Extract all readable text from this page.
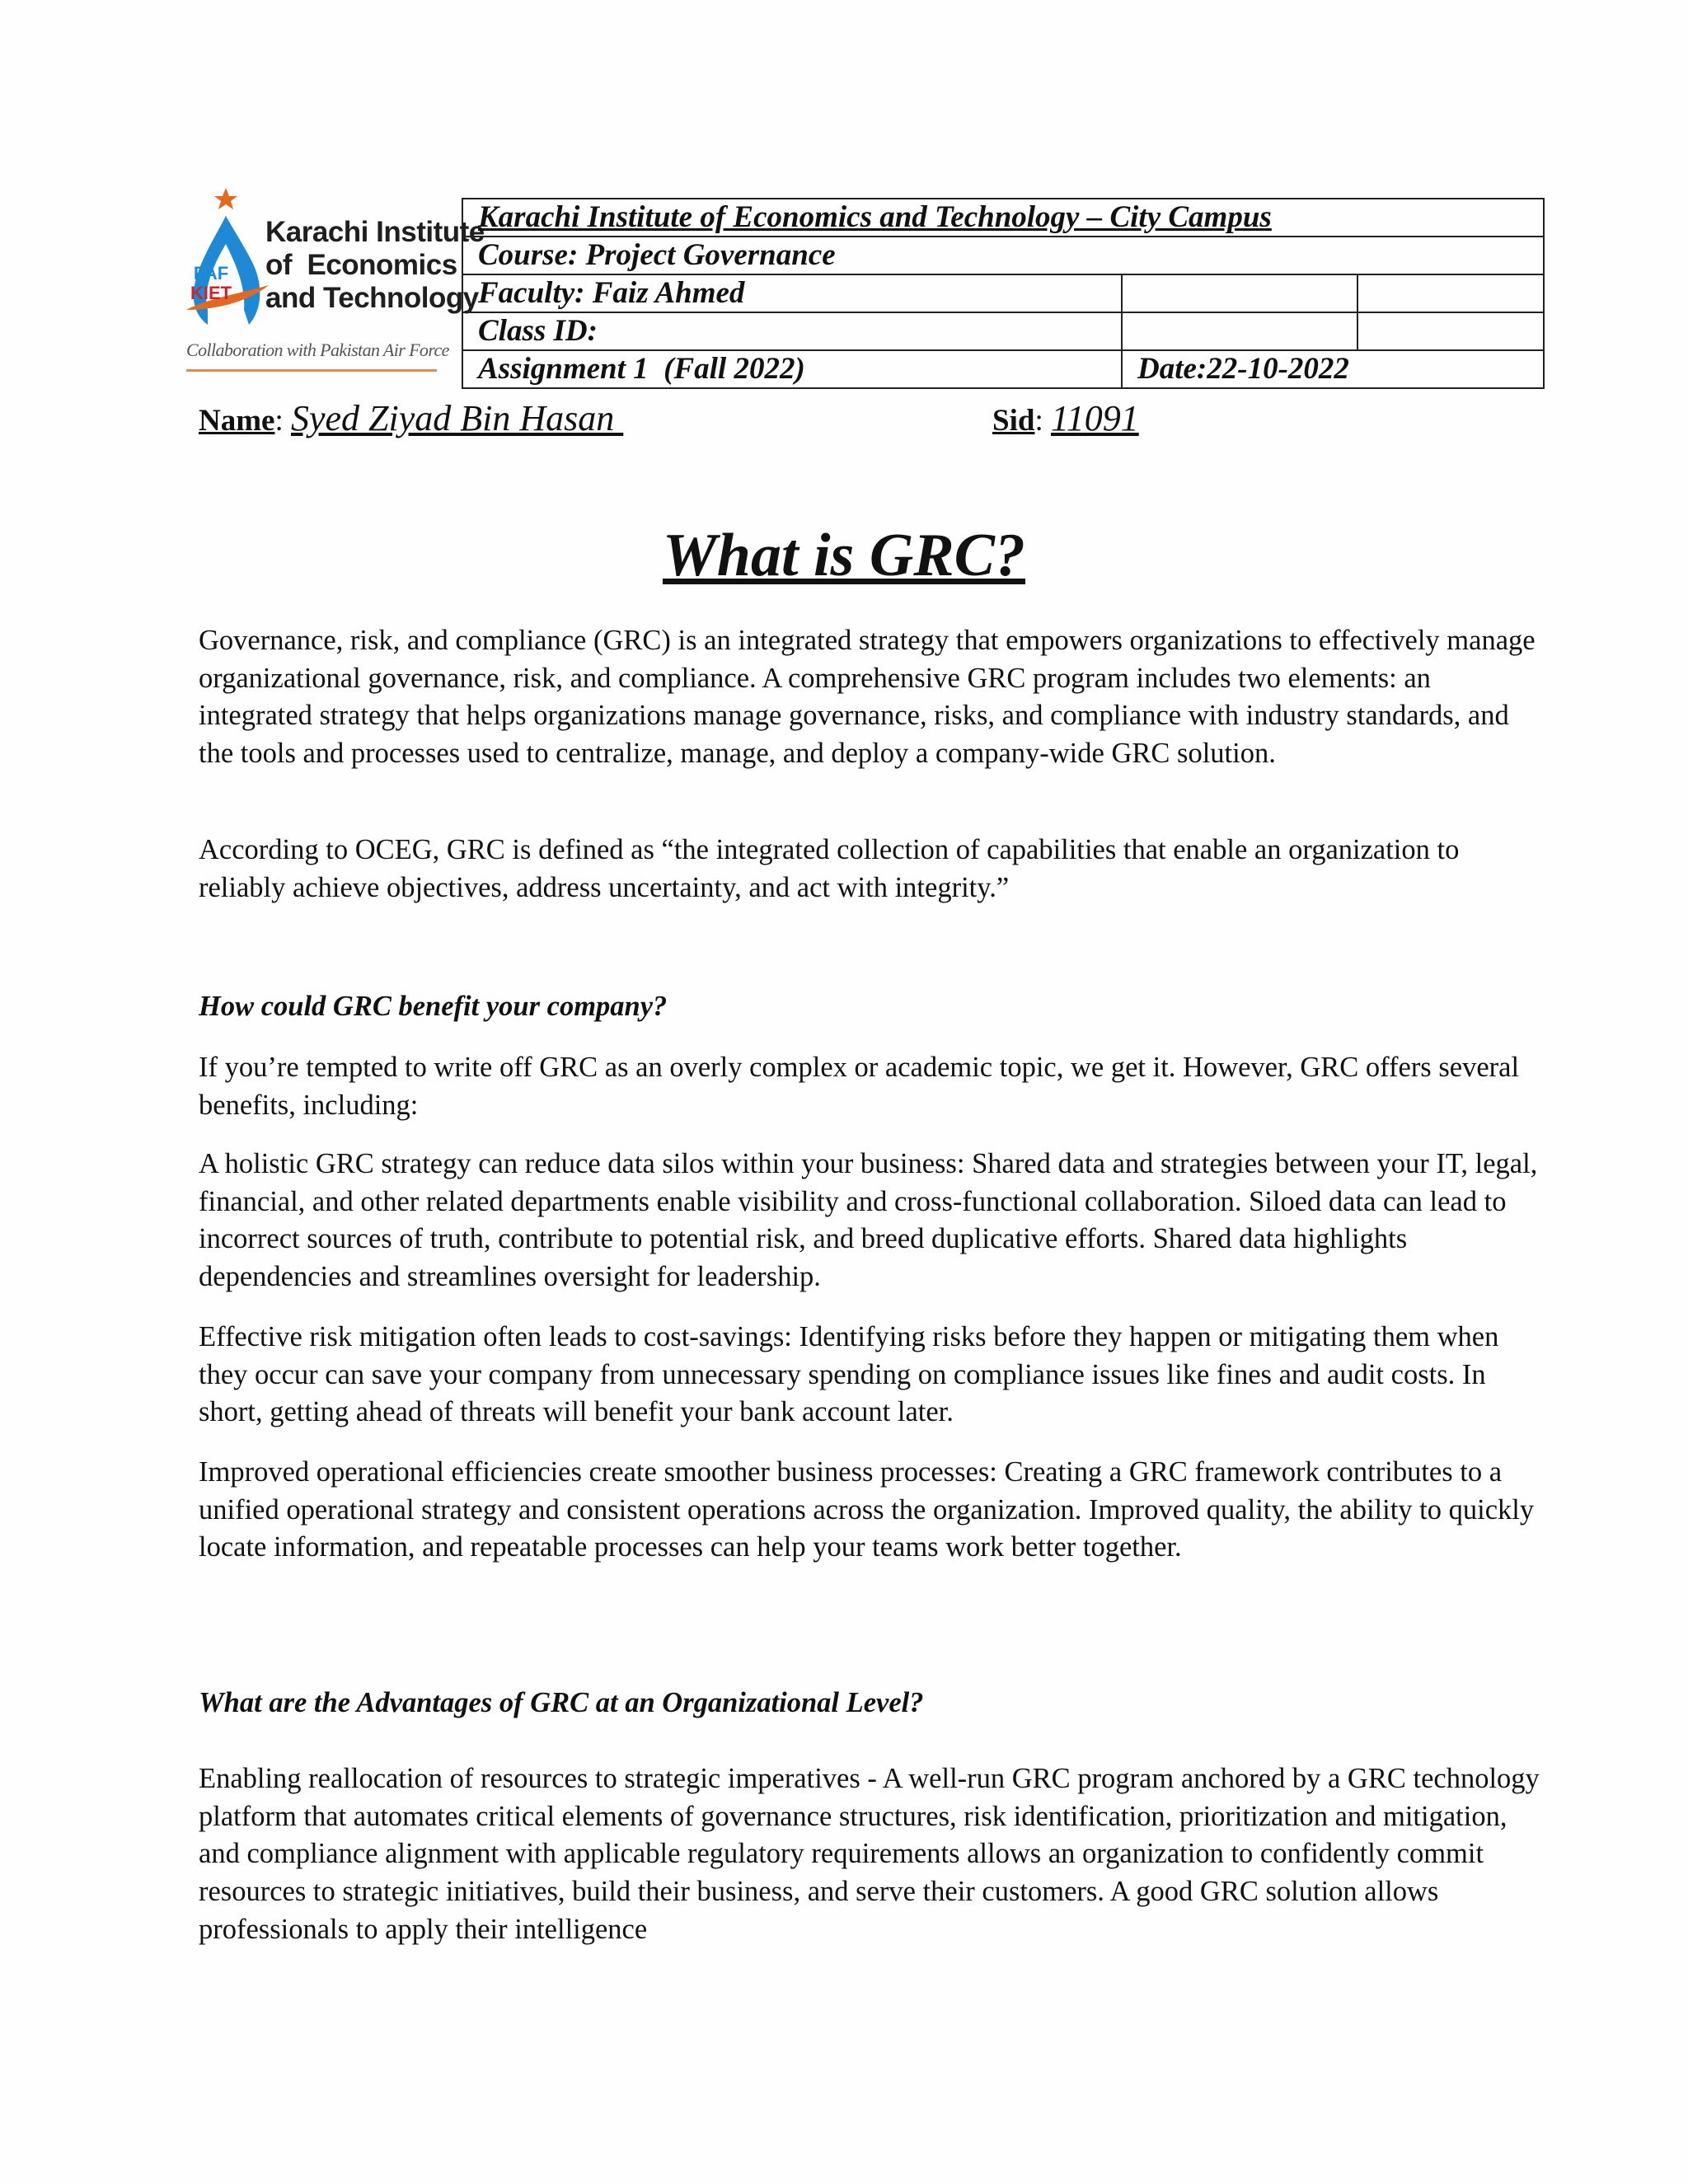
PAF
KIET
Karachi Institute
of  Economics
and Technology
Collaboration with Pakistan Air Force
Karachi Institute of Economics and Technology – City Campus		
Course: Project Governance		
Faculty: Faiz Ahmed		
Class ID:		
Assignment 1  (Fall 2022)	Date:22-10-2022	
Name: Syed Ziyad Bin Hasan	Sid: 11091
What is GRC?

Governance, risk, and compliance (GRC) is an integrated strategy that empowers organizations to effectively manage organizational governance, risk, and compliance. A comprehensive GRC program includes two elements: an integrated strategy that helps organizations manage governance, risks, and compliance with industry standards, and the tools and processes used to centralize, manage, and deploy a company-wide GRC solution.

According to OCEG, GRC is defined as “the integrated collection of capabilities that enable an organization to reliably achieve objectives, address uncertainty, and act with integrity.”

How could GRC benefit your company?

If you’re tempted to write off GRC as an overly complex or academic topic, we get it. However, GRC offers several benefits, including:

A holistic GRC strategy can reduce data silos within your business: Shared data and strategies between your IT, legal, financial, and other related departments enable visibility and cross-functional collaboration. Siloed data can lead to incorrect sources of truth, contribute to potential risk, and breed duplicative efforts. Shared data highlights dependencies and streamlines oversight for leadership.

Effective risk mitigation often leads to cost-savings: Identifying risks before they happen or mitigating them when they occur can save your company from unnecessary spending on compliance issues like fines and audit costs. In short, getting ahead of threats will benefit your bank account later.

Improved operational efficiencies create smoother business processes: Creating a GRC framework contributes to a unified operational strategy and consistent operations across the organization. Improved quality, the ability to quickly locate information, and repeatable processes can help your teams work better together.

What are the Advantages of GRC at an Organizational Level?

Enabling reallocation of resources to strategic imperatives - A well-run GRC program anchored by a GRC technology platform that automates critical elements of governance structures, risk identification, prioritization and mitigation, and compliance alignment with applicable regulatory requirements allows an organization to confidently commit resources to strategic initiatives, build their business, and serve their customers. A good GRC solution allows professionals to apply their intelligence
